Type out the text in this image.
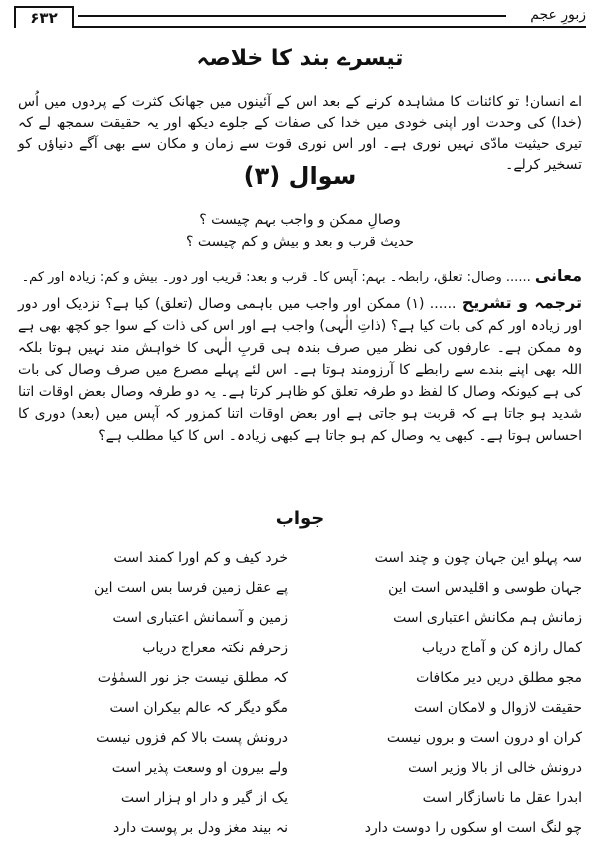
۶۳۲	زبورِ عجم
تیسرے بند کا خلاصہ
اے انسان! تو کائنات کا مشاہدہ کرنے کے بعد اس کے آئینوں میں جھانک کثرت کے پردوں میں اُس (خدا) کی وحدت اور اپنی خودی میں خدا کی صفات کے جلوے دیکھ اور یہ حقیقت سمجھ لے کہ تیری حیثیت مادّی نہیں نوری ہے۔ اور اس نوری قوت سے زمان و مکان سے بھی آگے دنیاؤں کو تسخیر کرلے۔
سوال (۳)
وصالِ ممکن و واجب بہم چیست ؟
حدیث قرب و بعد و بیش و کم چیست ؟
معانی ...... وصال: تعلق، رابطہ۔ بہم: آپس کا۔ قرب و بعد: قریب اور دور۔ بیش و کم: زیادہ اور کم۔
ترجمہ و تشریح ...... (۱) ممکن اور واجب میں باہمی وصال (تعلق) کیا ہے؟ نزدیک اور دور اور زیادہ اور کم کی بات کیا ہے؟ (ذاتِ الٰہی) واجب ہے اور اس کی ذات کے سوا جو کچھ بھی ہے وہ ممکن ہے۔ عارفوں کی نظر میں صرف بندہ ہی قربِ الٰہی کا خواہش مند نہیں ہوتا بلکہ اللہ بھی اپنے بندے سے رابطے کا آرزومند ہوتا ہے۔ اس لئے پہلے مصرع میں صرف وصال کی بات کی ہے کیونکہ وصال کا لفظ دو طرفہ تعلق کو ظاہر کرتا ہے۔ یہ دو طرفہ وصال بعض اوقات اتنا شدید ہو جاتا ہے کہ قربت ہو جاتی ہے اور بعض اوقات اتنا کمزور کہ آپس میں (بعد) دوری کا احساس ہوتا ہے۔ کبھی یہ وصال کم ہو جاتا ہے کبھی زیادہ۔ اس کا کیا مطلب ہے؟
جواب
سہ پہلو این جہان چون و چند است
خرد کیف و کم اورا کمند است
جہان طوسی و اقلیدس است این
پے عقل زمین فرسا بس است این
زمانش ہم مکانش اعتباری است
زمین و آسمانش اعتباری است
کمال رازہ کن و آماج دریاب
زحرفم نکتہ معراج دریاب
مجو مطلق دریں دیر مکافات
کہ مطلق نیست جز نور السمٰوٰت
حقیقت لازوال و لامکان است
مگو دیگر کہ عالم بیکران است
کران او درون است و بروں نیست
درونش پست بالا کم فزوں نیست
درونش خالی از بالا وزیر است
ولے بیرون او وسعت پذیر است
ابدرا عقل ما ناسازگار است
یک از گیر و دار او ہزار است
چو لنگ است او سکوں را دوست دارد
نہ بیند مغز ودل بر پوست دارد
